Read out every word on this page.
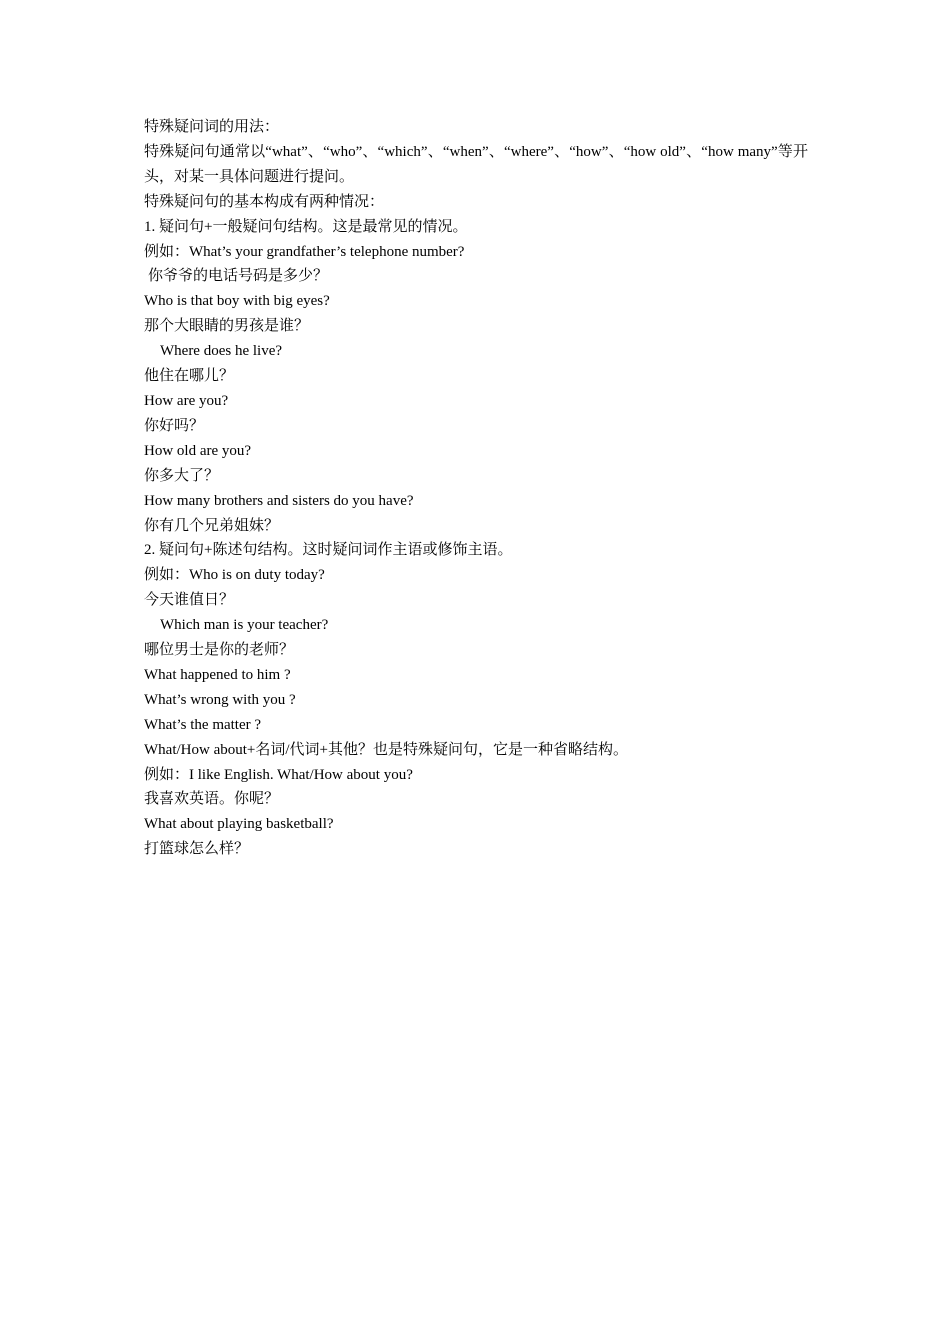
特殊疑问词的用法：

特殊疑问句通常以“what”、“who”、“which”、“when”、“where”、“how”、“how old”、“how many”等开头，对某一具体问题进行提问。

特殊疑问句的基本构成有两种情况：

1. 疑问句+一般疑问句结构。这是最常见的情况。

例如：What’s your grandfather’s telephone number?

你爷爷的电话号码是多少？

Who is that boy with big eyes?

那个大眼睛的男孩是谁？

Where does he live?

他住在哪儿？

How are you?

你好吗？

How old are you?

你多大了？

How many brothers and sisters do you have?

你有几个兄弟姐妹？

2. 疑问句+陈述句结构。这时疑问词作主语或修饰主语。

例如：Who is on duty today?

今天谁值日？

Which man is your teacher?

哪位男士是你的老师？

What happened to him ?

What’s wrong with you ?

What’s the matter ?

What/How about+名词/代词+其他？也是特殊疑问句，它是一种省略结构。

例如：I like English. What/How about you?

我喜欢英语。你呢？

What about playing basketball?

打篮球怎么样？
